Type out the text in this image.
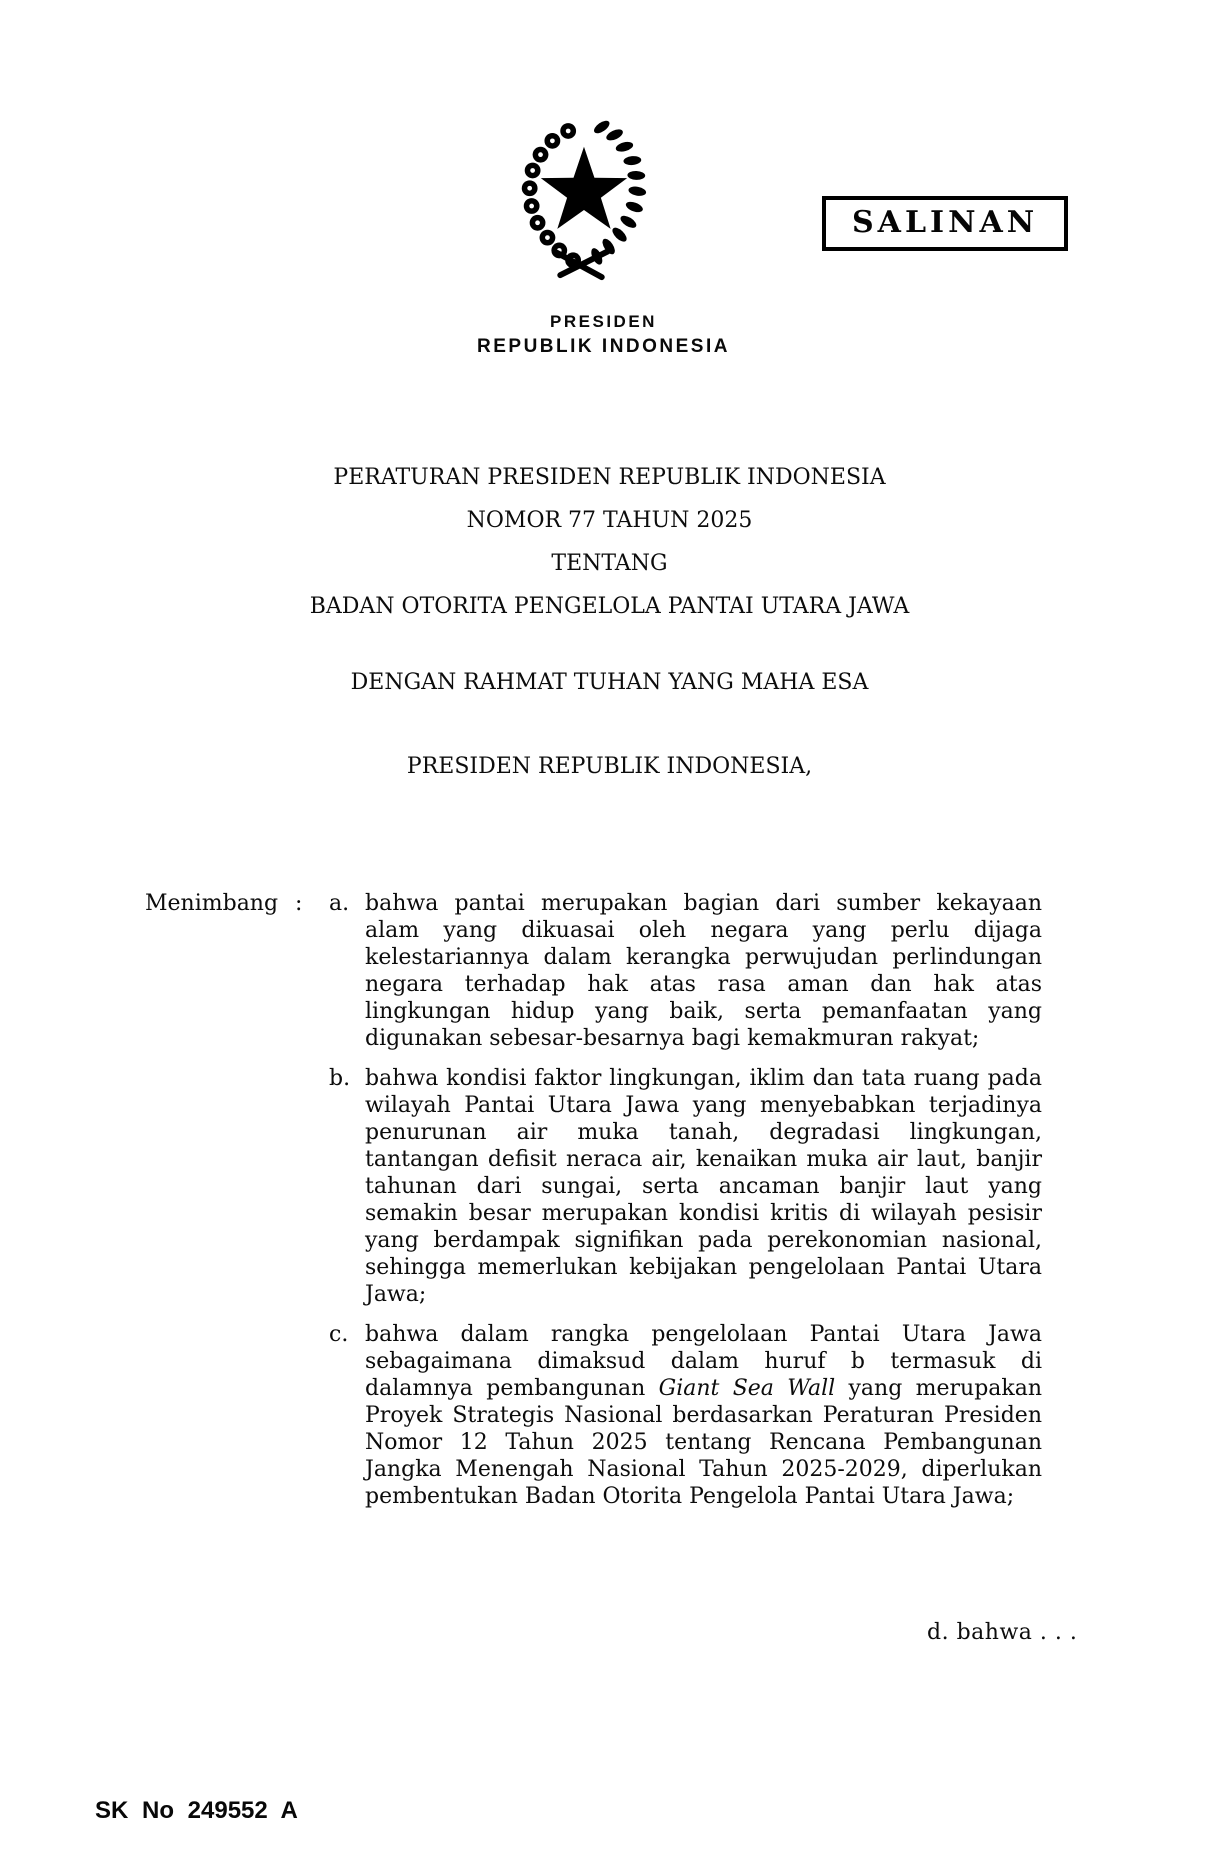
SALINAN
PRESIDEN
REPUBLIK INDONESIA
PERATURAN PRESIDEN REPUBLIK INDONESIA
NOMOR 77 TAHUN 2025
TENTANG
BADAN OTORITA PENGELOLA PANTAI UTARA JAWA
DENGAN RAHMAT TUHAN YANG MAHA ESA
PRESIDEN REPUBLIK INDONESIA,
Menimbang :	a. bahwa pantai merupakan bagian dari sumber kekayaan alam yang dikuasai oleh negara yang perlu dijaga kelestariannya dalam kerangka perwujudan perlindungan negara terhadap hak atas rasa aman dan hak atas lingkungan hidup yang baik, serta pemanfaatan yang digunakan sebesar-besarnya bagi kemakmuran rakyat;
b. bahwa kondisi faktor lingkungan, iklim dan tata ruang pada wilayah Pantai Utara Jawa yang menyebabkan terjadinya penurunan air muka tanah, degradasi lingkungan, tantangan defisit neraca air, kenaikan muka air laut, banjir tahunan dari sungai, serta ancaman banjir laut yang semakin besar merupakan kondisi kritis di wilayah pesisir yang berdampak signifikan pada perekonomian nasional, sehingga memerlukan kebijakan pengelolaan Pantai Utara Jawa;
c. bahwa dalam rangka pengelolaan Pantai Utara Jawa sebagaimana dimaksud dalam huruf b termasuk di dalamnya pembangunan Giant Sea Wall yang merupakan Proyek Strategis Nasional berdasarkan Peraturan Presiden Nomor 12 Tahun 2025 tentang Rencana Pembangunan Jangka Menengah Nasional Tahun 2025-2029, diperlukan pembentukan Badan Otorita Pengelola Pantai Utara Jawa;
d. bahwa . . .
SK No 249552 A
